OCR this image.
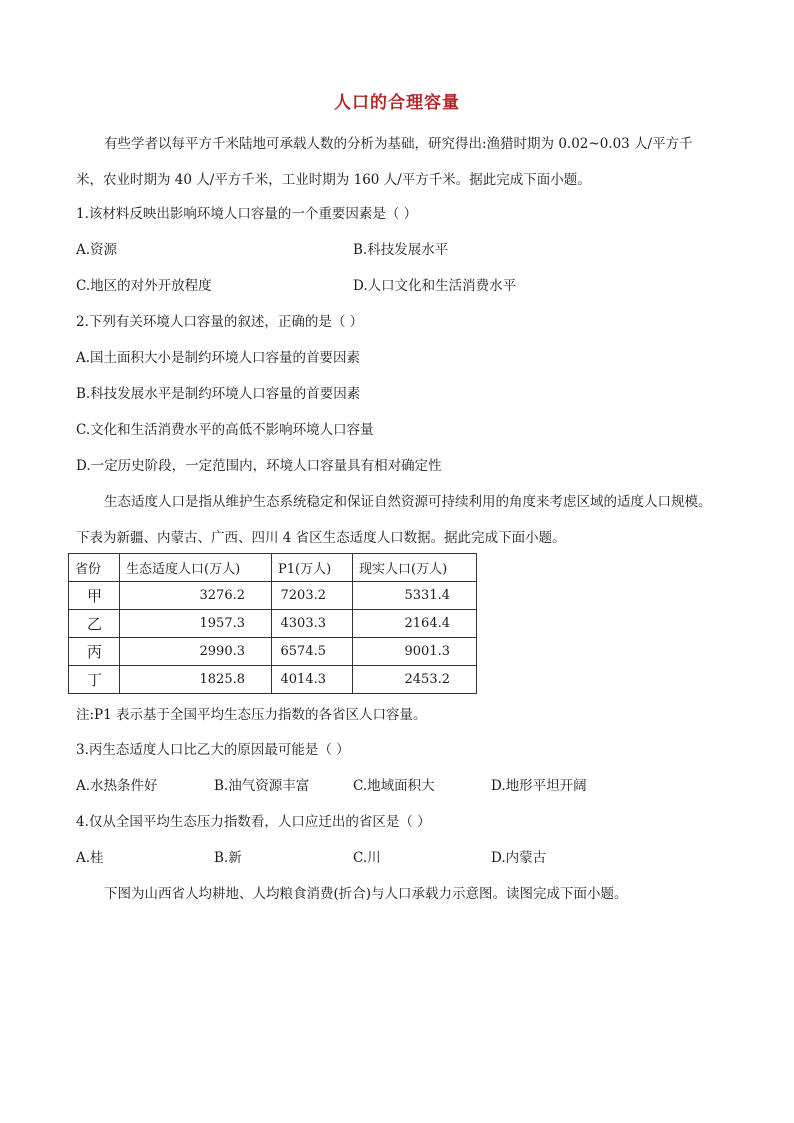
人口的合理容量

有些学者以每平方千米陆地可承载人数的分析为基础，研究得出:渔猎时期为 0.02~0.03 人/平方千米，农业时期为 40 人/平方千米，工业时期为 160 人/平方千米。据此完成下面小题。

1.该材料反映出影响环境人口容量的一个重要因素是（ ）
A.资源	B.科技发展水平
C.地区的对外开放程度	D.人口文化和生活消费水平
2.下列有关环境人口容量的叙述，正确的是（ ）
A.国土面积大小是制约环境人口容量的首要因素
B.科技发展水平是制约环境人口容量的首要因素
C.文化和生活消费水平的高低不影响环境人口容量
D.一定历史阶段，一定范围内，环境人口容量具有相对确定性

生态适度人口是指从维护生态系统稳定和保证自然资源可持续利用的角度来考虑区域的适度人口规模。下表为新疆、内蒙古、广西、四川 4 省区生态适度人口数据。据此完成下面小题。

省份	生态适度人口(万人)	P1(万人)	现实人口(万人)
甲	3276.2	7203.2	5331.4
乙	1957.3	4303.3	2164.4
丙	2990.3	6574.5	9001.3
丁	1825.8	4014.3	2453.2
注:P1 表示基于全国平均生态压力指数的各省区人口容量。
3.丙生态适度人口比乙大的原因最可能是（ ）
A.水热条件好	B.油气资源丰富	C.地域面积大	D.地形平坦开阔
4.仅从全国平均生态压力指数看，人口应迁出的省区是（ ）
A.桂	B.新	C.川	D.内蒙古

下图为山西省人均耕地、人均粮食消费(折合)与人口承载力示意图。读图完成下面小题。
